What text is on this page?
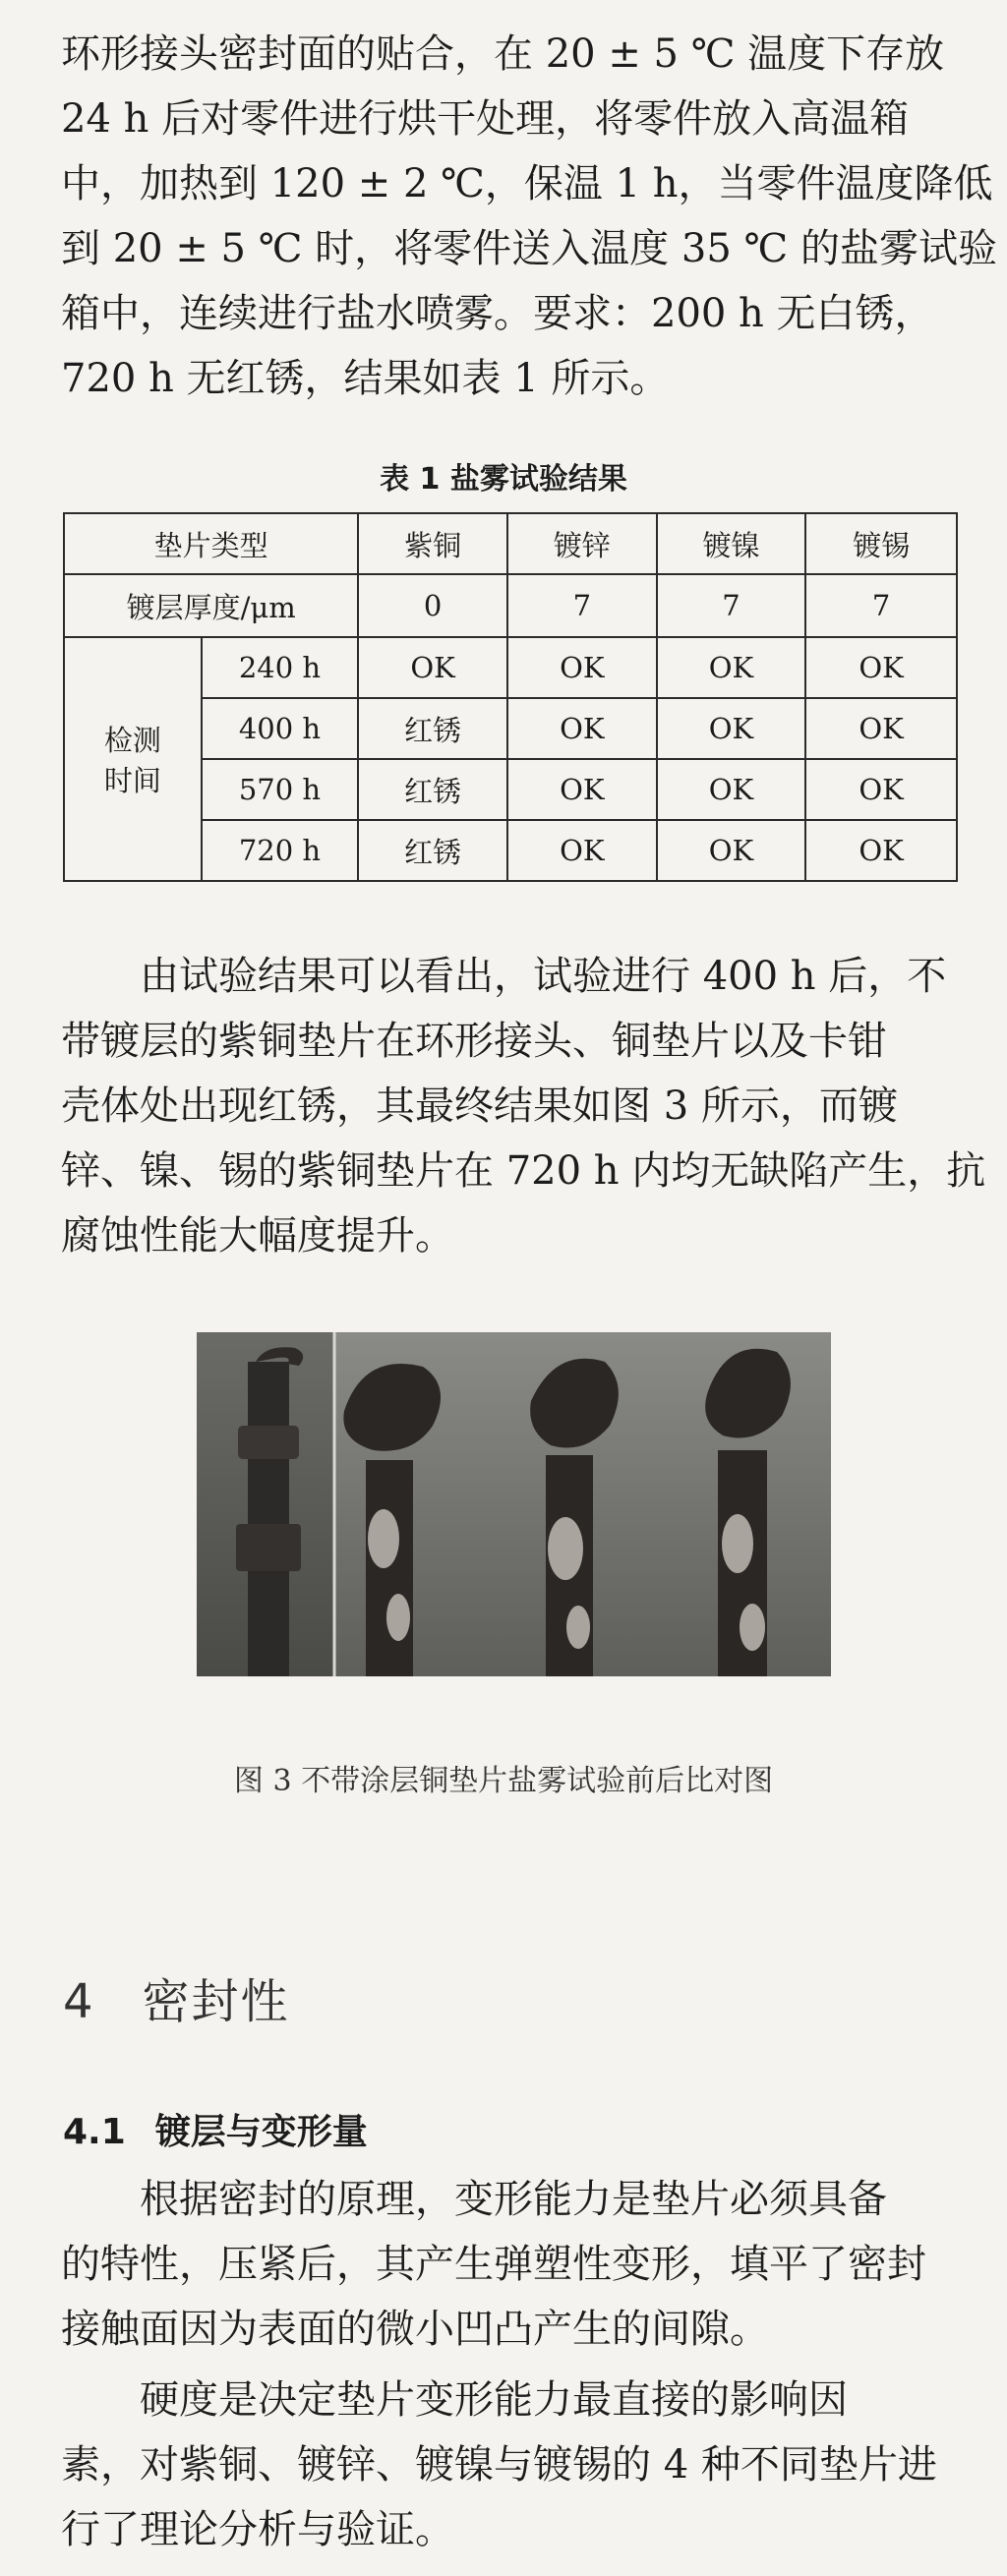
环形接头密封面的贴合，在 20 ± 5 ℃ 温度下存放
24 h 后对零件进行烘干处理，将零件放入高温箱
中，加热到 120 ± 2 ℃，保温 1 h，当零件温度降低
到 20 ± 5 ℃ 时，将零件送入温度 35 ℃ 的盐雾试验
箱中，连续进行盐水喷雾。要求：200 h 无白锈，
720 h 无红锈，结果如表 1 所示。

表 1 盐雾试验结果
垫片类型		紫铜	镀锌	镀镍	镀锡
镀层厚度/μm		0	7	7	7
检测
时间	240 h	OK	OK	OK	OK
	400 h	红锈	OK	OK	OK
	570 h	红锈	OK	OK	OK
	720 h	红锈	OK	OK	OK

由试验结果可以看出，试验进行 400 h 后，不
带镀层的紫铜垫片在环形接头、铜垫片以及卡钳
壳体处出现红锈，其最终结果如图 3 所示，而镀
锌、镍、锡的紫铜垫片在 720 h 内均无缺陷产生，抗
腐蚀性能大幅度提升。

图 3 不带涂层铜垫片盐雾试验前后比对图
4 密封性
4.1 镀层与变形量

根据密封的原理，变形能力是垫片必须具备
的特性，压紧后，其产生弹塑性变形，填平了密封
接触面因为表面的微小凹凸产生的间隙。

硬度是决定垫片变形能力最直接的影响因
素，对紫铜、镀锌、镀镍与镀锡的 4 种不同垫片进
行了理论分析与验证。
